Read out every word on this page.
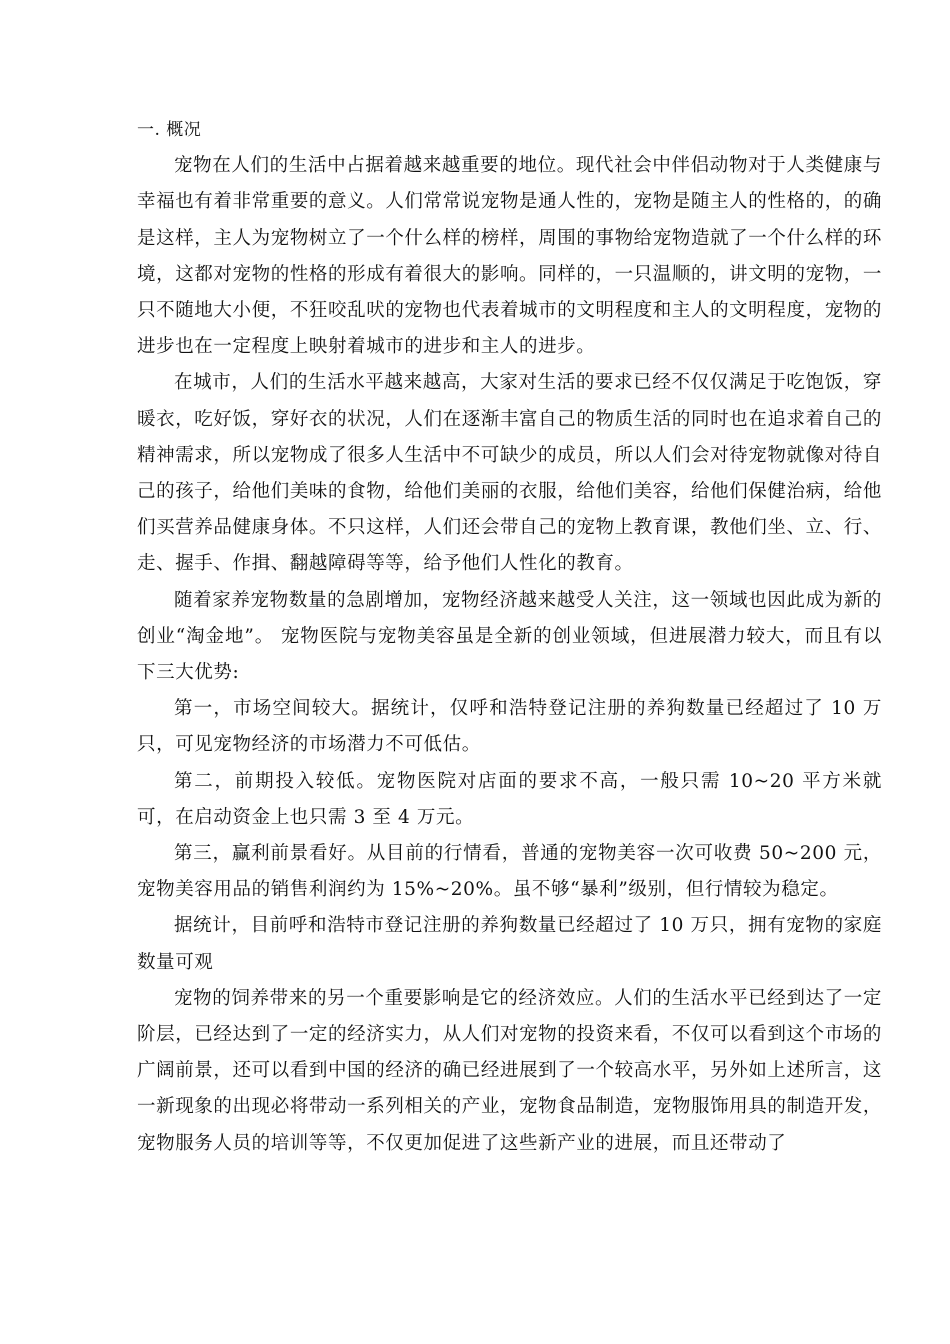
一. 概况

宠物在人们的生活中占据着越来越重要的地位。现代社会中伴侣动物对于人类健康与幸福也有着非常重要的意义。人们常常说宠物是通人性的，宠物是随主人的性格的，的确是这样，主人为宠物树立了一个什么样的榜样，周围的事物给宠物造就了一个什么样的环境，这都对宠物的性格的形成有着很大的影响。同样的，一只温顺的，讲文明的宠物，一只不随地大小便，不狂咬乱吠的宠物也代表着城市的文明程度和主人的文明程度，宠物的进步也在一定程度上映射着城市的进步和主人的进步。

在城市，人们的生活水平越来越高，大家对生活的要求已经不仅仅满足于吃饱饭，穿暖衣，吃好饭，穿好衣的状况，人们在逐渐丰富自己的物质生活的同时也在追求着自己的精神需求，所以宠物成了很多人生活中不可缺少的成员，所以人们会对待宠物就像对待自己的孩子，给他们美味的食物，给他们美丽的衣服，给他们美容，给他们保健治病，给他们买营养品健康身体。不只这样，人们还会带自己的宠物上教育课，教他们坐、立、行、走、握手、作揖、翻越障碍等等，给予他们人性化的教育。

随着家养宠物数量的急剧增加，宠物经济越来越受人关注，这一领域也因此成为新的创业“淘金地”。 宠物医院与宠物美容虽是全新的创业领域，但进展潜力较大，而且有以下三大优势:

第一，市场空间较大。据统计，仅呼和浩特登记注册的养狗数量已经超过了 10 万只，可见宠物经济的市场潜力不可低估。

第二，前期投入较低。宠物医院对店面的要求不高，一般只需 10~20 平方米就可，在启动资金上也只需 3 至 4 万元。

第三，赢利前景看好。从目前的行情看，普通的宠物美容一次可收费 50~200 元，宠物美容用品的销售利润约为 15%~20%。虽不够“暴利”级别，但行情较为稳定。

据统计，目前呼和浩特市登记注册的养狗数量已经超过了 10 万只，拥有宠物的家庭数量可观

宠物的饲养带来的另一个重要影响是它的经济效应。人们的生活水平已经到达了一定阶层，已经达到了一定的经济实力，从人们对宠物的投资来看，不仅可以看到这个市场的广阔前景，还可以看到中国的经济的确已经进展到了一个较高水平，另外如上述所言，这一新现象的出现必将带动一系列相关的产业，宠物食品制造，宠物服饰用具的制造开发，宠物服务人员的培训等等，不仅更加促进了这些新产业的进展，而且还带动了
